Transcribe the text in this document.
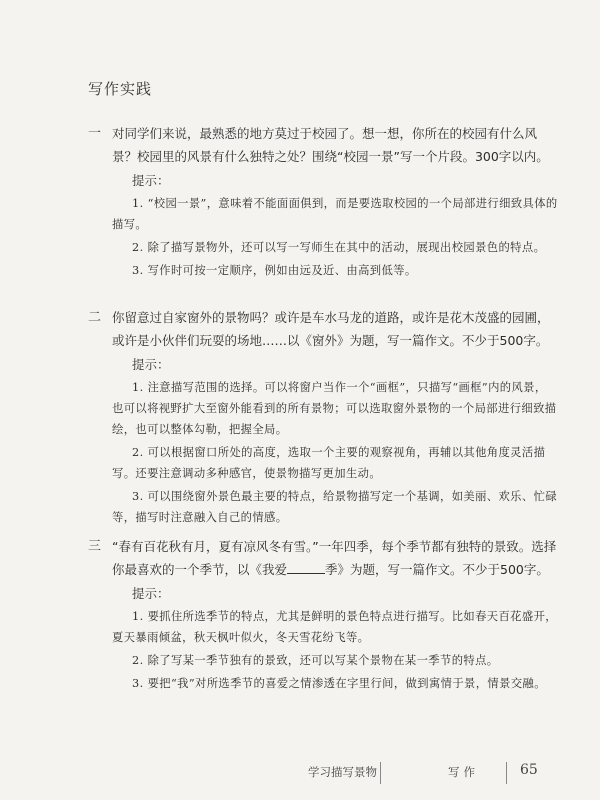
写作实践
一 对同学们来说，最熟悉的地方莫过于校园了。想一想，你所在的校园有什么风景？校园里的风景有什么独特之处？围绕“校园一景”写一个片段。300字以内。

提示：

1. “校园一景”，意味着不能面面俱到，而是要选取校园的一个局部进行细致具体的描写。

2. 除了描写景物外，还可以写一写师生在其中的活动，展现出校园景色的特点。

3. 写作时可按一定顺序，例如由远及近、由高到低等。

二 你留意过自家窗外的景物吗？或许是车水马龙的道路，或许是花木茂盛的园圃，或许是小伙伴们玩耍的场地……以《窗外》为题，写一篇作文。不少于500字。

提示：

1. 注意描写范围的选择。可以将窗户当作一个“画框”，只描写“画框”内的风景，也可以将视野扩大至窗外能看到的所有景物；可以选取窗外景物的一个局部进行细致描绘，也可以整体勾勒，把握全局。

2. 可以根据窗口所处的高度，选取一个主要的观察视角，再辅以其他角度灵活描写。还要注意调动多种感官，使景物描写更加生动。

3. 可以围绕窗外景色最主要的特点，给景物描写定一个基调，如美丽、欢乐、忙碌等，描写时注意融入自己的情感。

三 “春有百花秋有月，夏有凉风冬有雪。”一年四季，每个季节都有独特的景致。选择你最喜欢的一个季节，以《我爱	季》为题，写一篇作文。不少于500字。

提示：

1. 要抓住所选季节的特点，尤其是鲜明的景色特点进行描写。比如春天百花盛开，夏天暴雨倾盆，秋天枫叶似火，冬天雪花纷飞等。

2. 除了写某一季节独有的景致，还可以写某个景物在某一季节的特点。

3. 要把“我”对所选季节的喜爱之情渗透在字里行间，做到寓情于景，情景交融。

学习描写景物	写作	65
